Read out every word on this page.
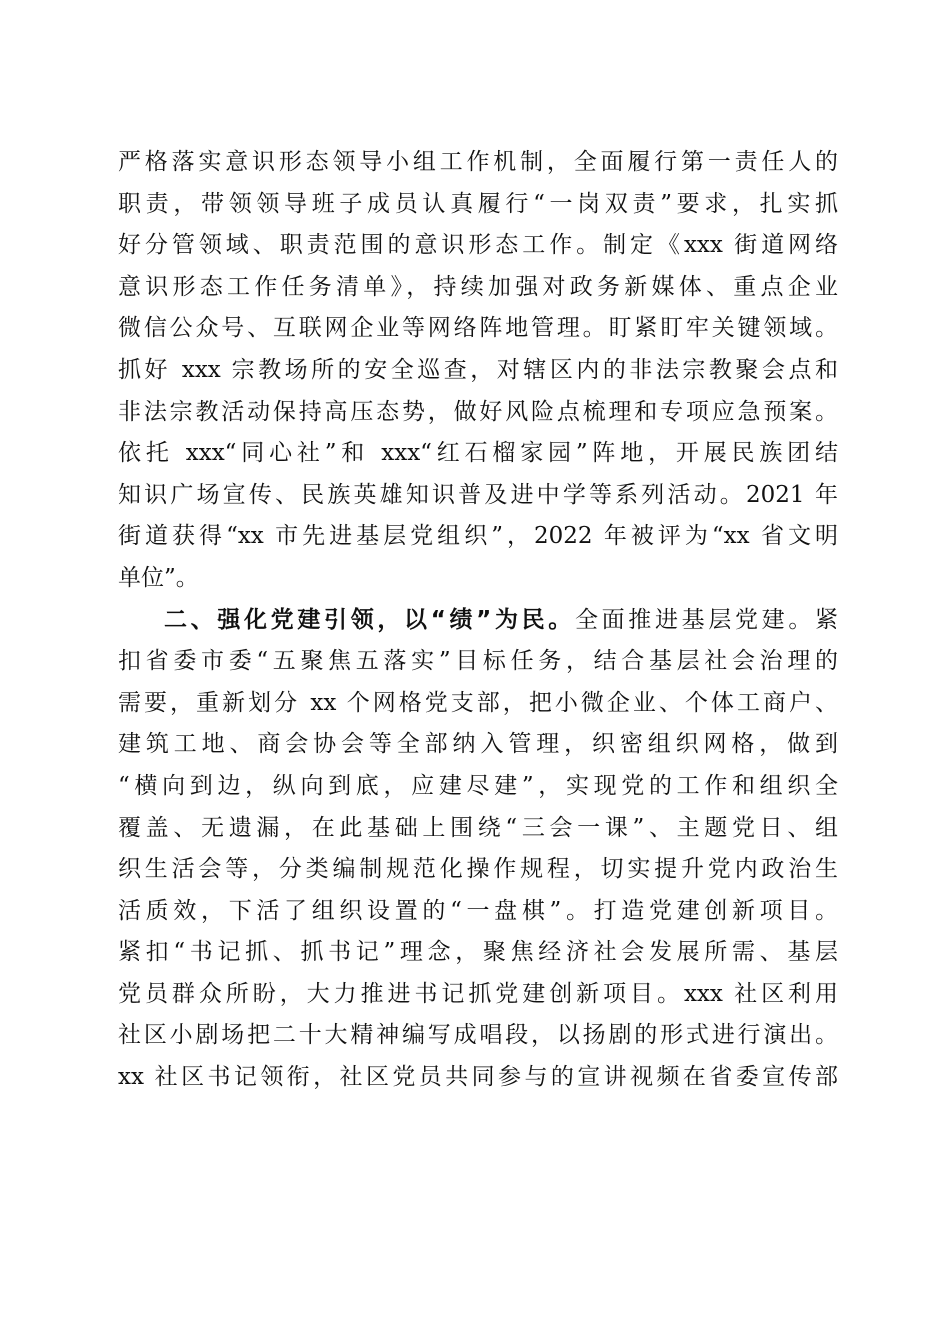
严格落实意识形态领导小组工作机制，全面履行第一责任人的
职责，带领领导班子成员认真履行“一岗双责”要求，扎实抓
好分管领域、职责范围的意识形态工作。制定《xxx 街道网络
意识形态工作任务清单》，持续加强对政务新媒体、重点企业
微信公众号、互联网企业等网络阵地管理。盯紧盯牢关键领域。
抓好 xxx 宗教场所的安全巡查，对辖区内的非法宗教聚会点和
非法宗教活动保持高压态势，做好风险点梳理和专项应急预案。
依托 xxx“同心社”和 xxx“红石榴家园”阵地，开展民族团结
知识广场宣传、民族英雄知识普及进中学等系列活动。2021 年
街道获得“xx 市先进基层党组织”，2022 年被评为“xx 省文明
单位”。
二、强化党建引领，以“绩”为民。全面推进基层党建。紧
扣省委市委“五聚焦五落实”目标任务，结合基层社会治理的
需要，重新划分 xx 个网格党支部，把小微企业、个体工商户、
建筑工地、商会协会等全部纳入管理，织密组织网格，做到
“横向到边，纵向到底，应建尽建”，实现党的工作和组织全
覆盖、无遗漏，在此基础上围绕“三会一课”、主题党日、组
织生活会等，分类编制规范化操作规程，切实提升党内政治生
活质效，下活了组织设置的“一盘棋”。打造党建创新项目。
紧扣“书记抓、抓书记”理念，聚焦经济社会发展所需、基层
党员群众所盼，大力推进书记抓党建创新项目。xxx 社区利用
社区小剧场把二十大精神编写成唱段，以扬剧的形式进行演出。
xx 社区书记领衔，社区党员共同参与的宣讲视频在省委宣传部
